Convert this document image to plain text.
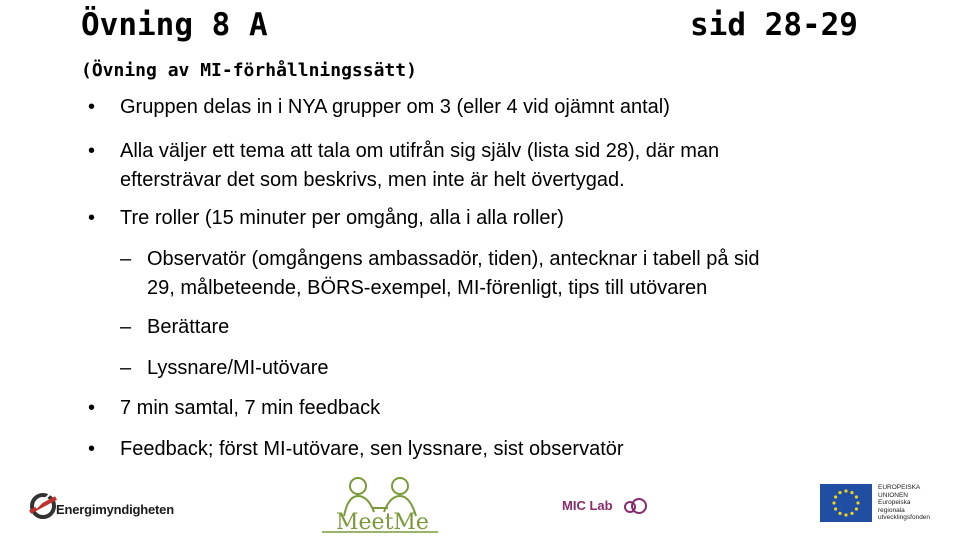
Övning 8 A	sid 28-29
(Övning av MI-förhållningssätt)
•	Gruppen delas in i NYA grupper om 3 (eller 4 vid ojämnt antal)
•	Alla väljer ett tema att tala om utifrån sig själv (lista sid 28), där man
eftersträvar det som beskrivs, men inte är helt övertygad.
•	Tre roller (15 minuter per omgång, alla i alla roller)
– Observatör (omgångens ambassadör, tiden), antecknar i tabell på sid
29, målbeteende, BÖRS-exempel, MI-förenligt, tips till utövaren
– Berättare
– Lyssnare/MI-utövare
•	7 min samtal, 7 min feedback
•	Feedback; först MI-utövare, sen lyssnare, sist observatör
Energimyndigheten
MeetMe
MIC Lab
EUROPEISKA
UNIONEN
Europeiska
regionala
utvecklingsfonden
